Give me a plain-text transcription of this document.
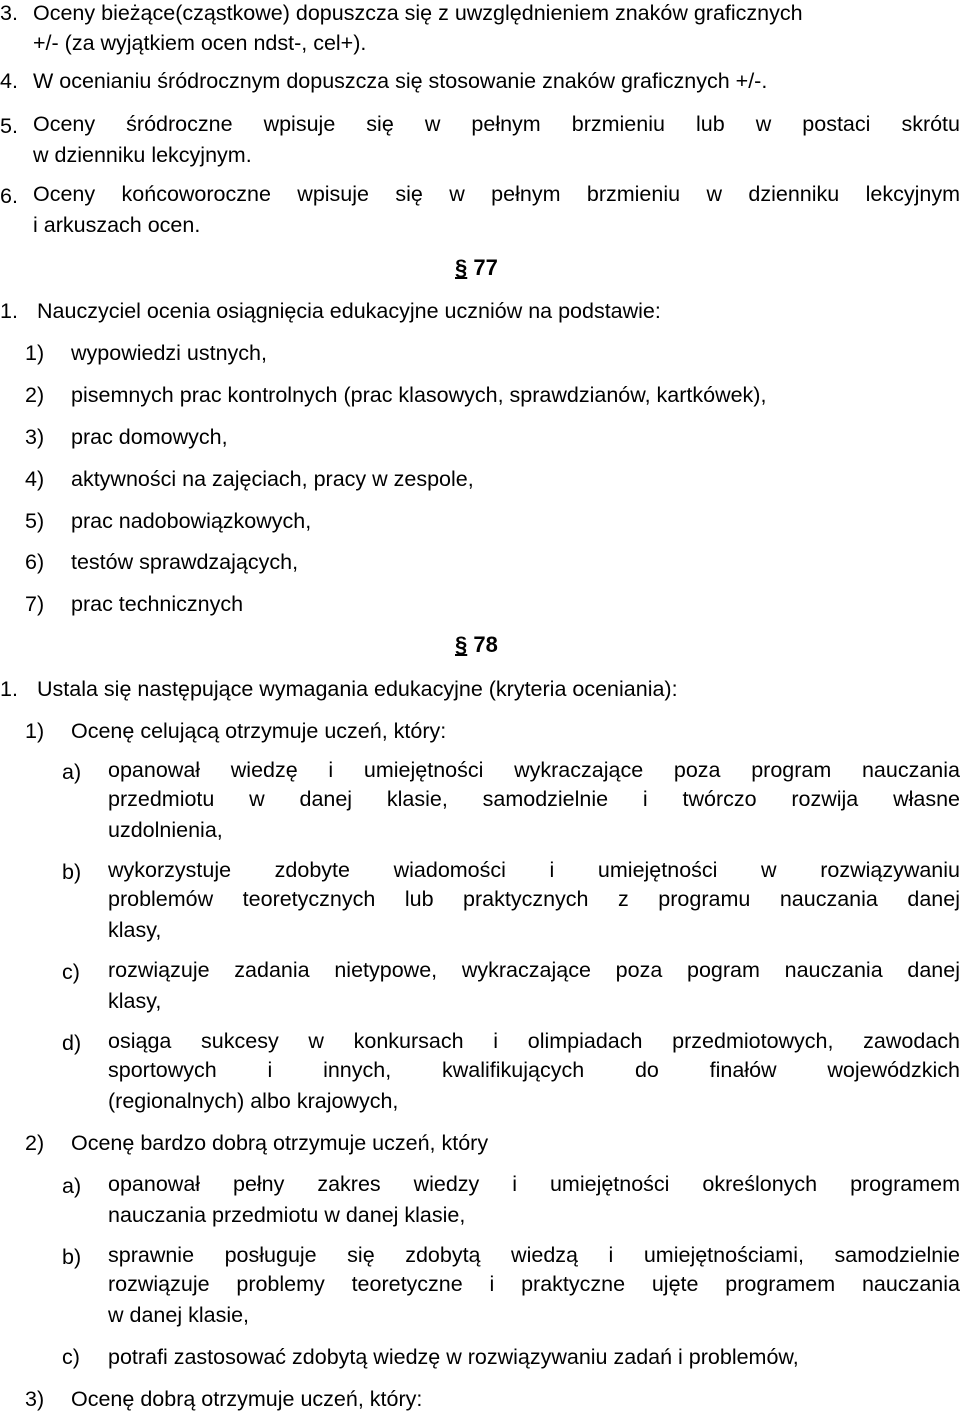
3. Oceny bieżące(cząstkowe) dopuszcza się z uwzględnieniem znaków graficznych
+/- (za wyjątkiem ocen ndst-, cel+).
4. W ocenianiu śródrocznym dopuszcza się stosowanie znaków graficznych +/-.
5. Oceny śródroczne wpisuje się w pełnym brzmieniu lub w postaci skrótu
w dzienniku lekcyjnym.
6. Oceny końcoworoczne wpisuje się w pełnym brzmieniu w dzienniku lekcyjnym
i arkuszach ocen.
§ 77
1. Nauczyciel ocenia osiągnięcia edukacyjne uczniów na podstawie:
1) wypowiedzi ustnych,
2) pisemnych prac kontrolnych (prac klasowych, sprawdzianów, kartkówek),
3) prac domowych,
4) aktywności na zajęciach, pracy w zespole,
5) prac nadobowiązkowych,
6) testów sprawdzających,
7) prac technicznych
§ 78
1. Ustala się następujące wymagania edukacyjne (kryteria oceniania):
1) Ocenę celującą otrzymuje uczeń, który:
a) opanował wiedzę i umiejętności wykraczające poza program nauczania
przedmiotu w danej klasie, samodzielnie i twórczo rozwija własne
uzdolnienia,
b) wykorzystuje zdobyte wiadomości i umiejętności w rozwiązywaniu
problemów teoretycznych lub praktycznych z programu nauczania danej
klasy,
c) rozwiązuje zadania nietypowe, wykraczające poza pogram nauczania danej
klasy,
d) osiąga sukcesy w konkursach i olimpiadach przedmiotowych, zawodach
sportowych i innych, kwalifikujących do finałów wojewódzkich
(regionalnych) albo krajowych,
2) Ocenę bardzo dobrą otrzymuje uczeń, który
a) opanował pełny zakres wiedzy i umiejętności określonych programem
nauczania przedmiotu w danej klasie,
b) sprawnie posługuje się zdobytą wiedzą i umiejętnościami, samodzielnie
rozwiązuje problemy teoretyczne i praktyczne ujęte programem nauczania
w danej klasie,
c) potrafi zastosować zdobytą wiedzę w rozwiązywaniu zadań i problemów,
3) Ocenę dobrą otrzymuje uczeń, który:
